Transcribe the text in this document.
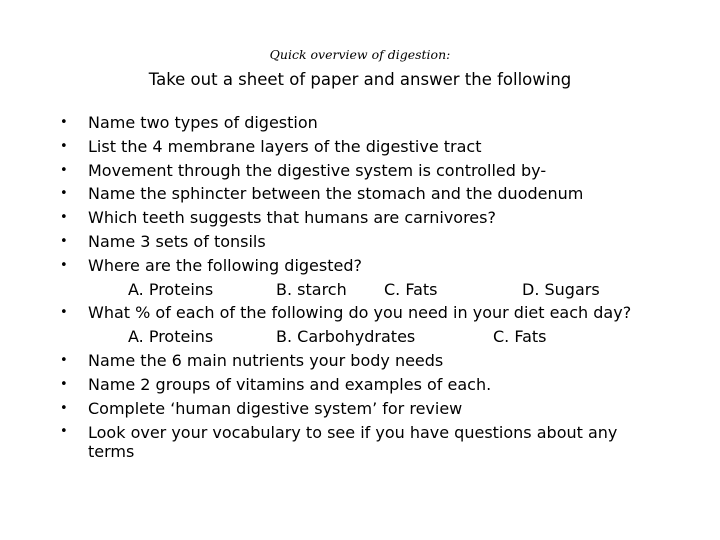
Quick overview of digestion:
Take out a sheet of paper and answer the following
• Name two types of digestion
• List the 4 membrane layers of the digestive tract
• Movement through the digestive system is controlled by-
• Name the sphincter between the stomach and the duodenum
• Which teeth suggests that humans are carnivores?
• Name 3 sets of tonsils
• Where are the following digested?
A. Proteins	B. starch C. Fats	D. Sugars
• What % of each of the following do you need in your diet each day?
A. Proteins	B. Carbohydrates	C. Fats
• Name the 6 main nutrients your body needs
• Name 2 groups of vitamins and examples of each.
• Complete ‘human digestive system’ for review
• Look over your vocabulary to see if you have questions about any terms
